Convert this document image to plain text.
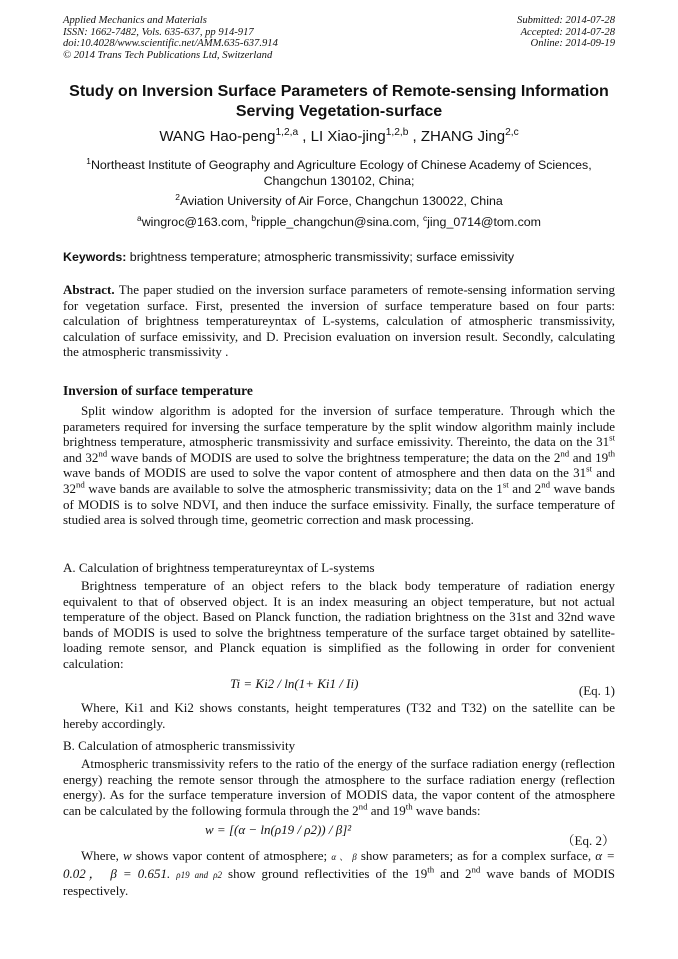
Applied Mechanics and Materials
ISSN: 1662-7482, Vols. 635-637, pp 914-917
doi:10.4028/www.scientific.net/AMM.635-637.914
© 2014 Trans Tech Publications Ltd, Switzerland
Submitted: 2014-07-28
Accepted: 2014-07-28
Online: 2014-09-19
Study on Inversion Surface Parameters of Remote-sensing Information
Serving Vegetation-surface
WANG Hao-peng$^{1,2,a}$ , LI Xiao-jing$^{1,2,b}$ , ZHANG Jing$^{2,c}$
$^1$Northeast Institute of Geography and Agriculture Ecology of Chinese Academy of Sciences,
Changchun 130102, China;
$^2$Aviation University of Air Force, Changchun 130022, China
$^a$wingroc@163.com, $^b$ripple_changchun@sina.com, $^c$jing_0714@tom.com
Keywords: brightness temperature; atmospheric transmissivity; surface emissivity
Abstract. The paper studied on the inversion surface parameters of remote-sensing information serving for vegetation surface. First, presented the inversion of surface temperature based on four parts: calculation of brightness temperatureyntax of L-systems, calculation of atmospheric transmissivity, calculation of surface emissivity, and D. Precision evaluation on inversion result. Secondly, calculating the atmospheric transmissivity .
Inversion of surface temperature
Split window algorithm is adopted for the inversion of surface temperature. Through which the parameters required for inversing the surface temperature by the split window algorithm mainly include brightness temperature, atmospheric transmissivity and surface emissivity. Thereinto, the data on the 31st and 32nd wave bands of MODIS are used to solve the brightness temperature; the data on the 2nd and 19th wave bands of MODIS are used to solve the vapor content of atmosphere and then data on the 31st and 32nd wave bands are available to solve the atmospheric transmissivity; data on the 1st and 2nd wave bands of MODIS is to solve NDVI, and then induce the surface emissivity. Finally, the surface temperature of studied area is solved through time, geometric correction and mask processing.
A. Calculation of brightness temperatureyntax of L-systems
Brightness temperature of an object refers to the black body temperature of radiation energy equivalent to that of observed object. It is an index measuring an object temperature, but not actual temperature of the object. Based on Planck function, the radiation brightness on the 31st and 32nd wave bands of MODIS is used to solve the brightness temperature of the surface target obtained by satellite-loading remote sensor, and Planck equation is simplified as the following in order for convenient calculation:
Ti = Ki2 / ln(1+ Ki1 / Ii)	(Eq. 1)
Where, Ki1 and Ki2 shows constants, height temperatures (T32 and T32) on the satellite can be hereby accordingly.
B. Calculation of atmospheric transmissivity
Atmospheric transmissivity refers to the ratio of the energy of the surface radiation energy (reflection energy) reaching the remote sensor through the atmosphere to the surface radiation energy (reflection energy). As for the surface temperature inversion of MODIS data, the vapor content of the atmosphere can be calculated by the following formula through the 2nd and 19th wave bands:
w = [(α − ln(ρ19 / ρ2)) / β]²
（Eq. 2）
Where, w shows vapor content of atmosphere; α 、 β show parameters; as for a complex surface, α = 0.02， β = 0.651. ρ19 and ρ2 show ground reflectivities of the 19th and 2nd wave bands of MODIS respectively.
